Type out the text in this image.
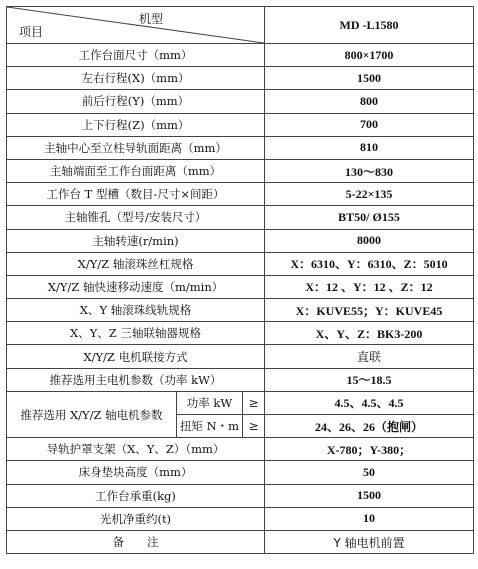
机型
项目			MD -L1580
工作台面尺寸（mm）			800×1700
左右行程(X)（mm）			1500
前后行程(Y)（mm）			800
上下行程(Z)（mm）			700
主轴中心至立柱导轨面距离（mm）			810
主轴端面至工作台面距离（mm）			130～830
工作台 T 型槽（数目-尺寸×间距）			5-22×135
主轴锥孔（型号/安装尺寸）			BT50/ Ø155
主轴转速(r/min)			8000
X/Y/Z 轴滚珠丝杠规格			X：6310、Y：6310、Z：5010
X/Y/Z 轴快速移动速度（m/min）			X：12 、Y：12 、Z：12
X、Y 轴滚珠线轨规格			X：KUVE55；Y：KUVE45
X、Y、Z 三轴联轴器规格			X、Y、Z：BK3-200
X/Y/Z 电机联接方式			直联
推荐选用主电机参数（功率 kW）			15～18.5
推荐选用 X/Y/Z 轴电机参数	功率 kW	≥	4.5、4.5、4.5
	扭矩 N・m	≥	24、26、26（抱闸）
导轨护罩支架（X、Y、Z）（mm）			X-780；Y-380；
床身垫块高度（mm）			50
工作台承重(kg)			1500
光机净重约(t)			10
备　　注			Y 轴电机前置
